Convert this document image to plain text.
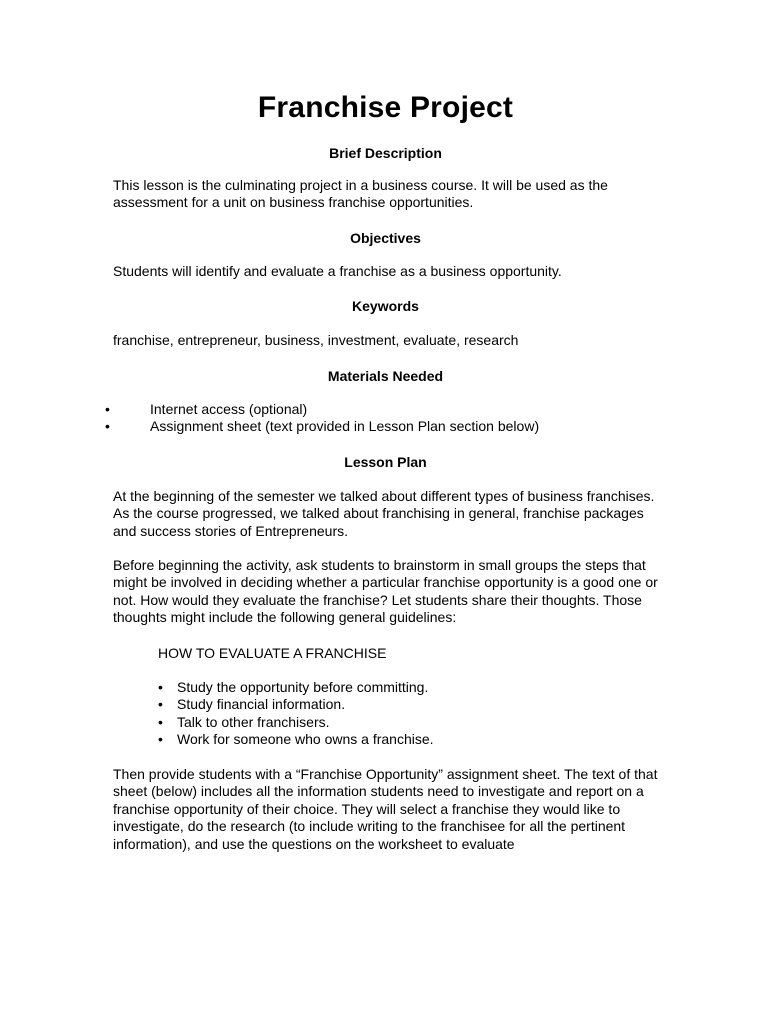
Franchise Project
Brief Description

This lesson is the culminating project in a business course. It will be used as the assessment for a unit on business franchise opportunities.

Objectives

Students will identify and evaluate a franchise as a business opportunity.

Keywords

franchise, entrepreneur, business, investment, evaluate, research

Materials Needed
• Internet access (optional)
• Assignment sheet (text provided in Lesson Plan section below)
Lesson Plan

At the beginning of the semester we talked about different types of business franchises. As the course progressed, we talked about franchising in general, franchise packages and success stories of Entrepreneurs.

Before beginning the activity, ask students to brainstorm in small groups the steps that might be involved in deciding whether a particular franchise opportunity is a good one or not. How would they evaluate the franchise? Let students share their thoughts. Those thoughts might include the following general guidelines:

HOW TO EVALUATE A FRANCHISE

• Study the opportunity before committing.
• Study financial information.
• Talk to other franchisers.
• Work for someone who owns a franchise.

Then provide students with a “Franchise Opportunity” assignment sheet. The text of that sheet (below) includes all the information students need to investigate and report on a franchise opportunity of their choice. They will select a franchise they would like to investigate, do the research (to include writing to the franchisee for all the pertinent information), and use the questions on the worksheet to evaluate
